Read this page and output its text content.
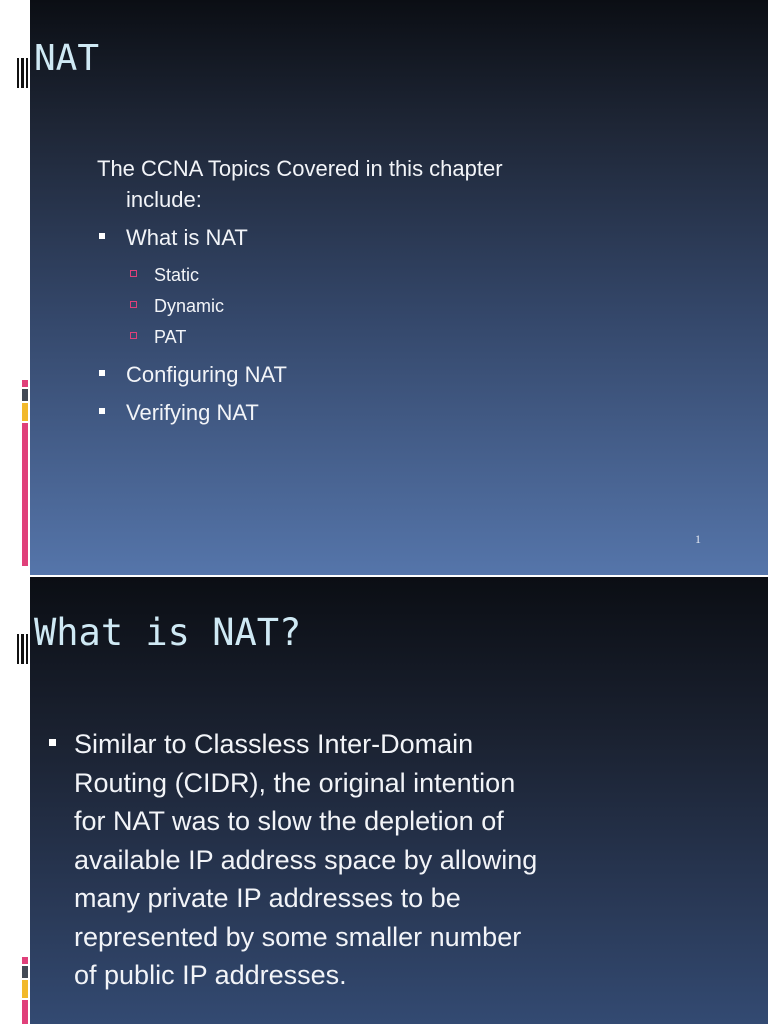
NAT
The CCNA Topics Covered in this chapter include:
What is NAT
Static
Dynamic
PAT
Configuring NAT
Verifying NAT
1
What is NAT?
Similar to Classless Inter-Domain Routing (CIDR), the original intention for NAT was to slow the depletion of available IP address space by allowing many private IP addresses to be represented by some smaller number of public IP addresses.
